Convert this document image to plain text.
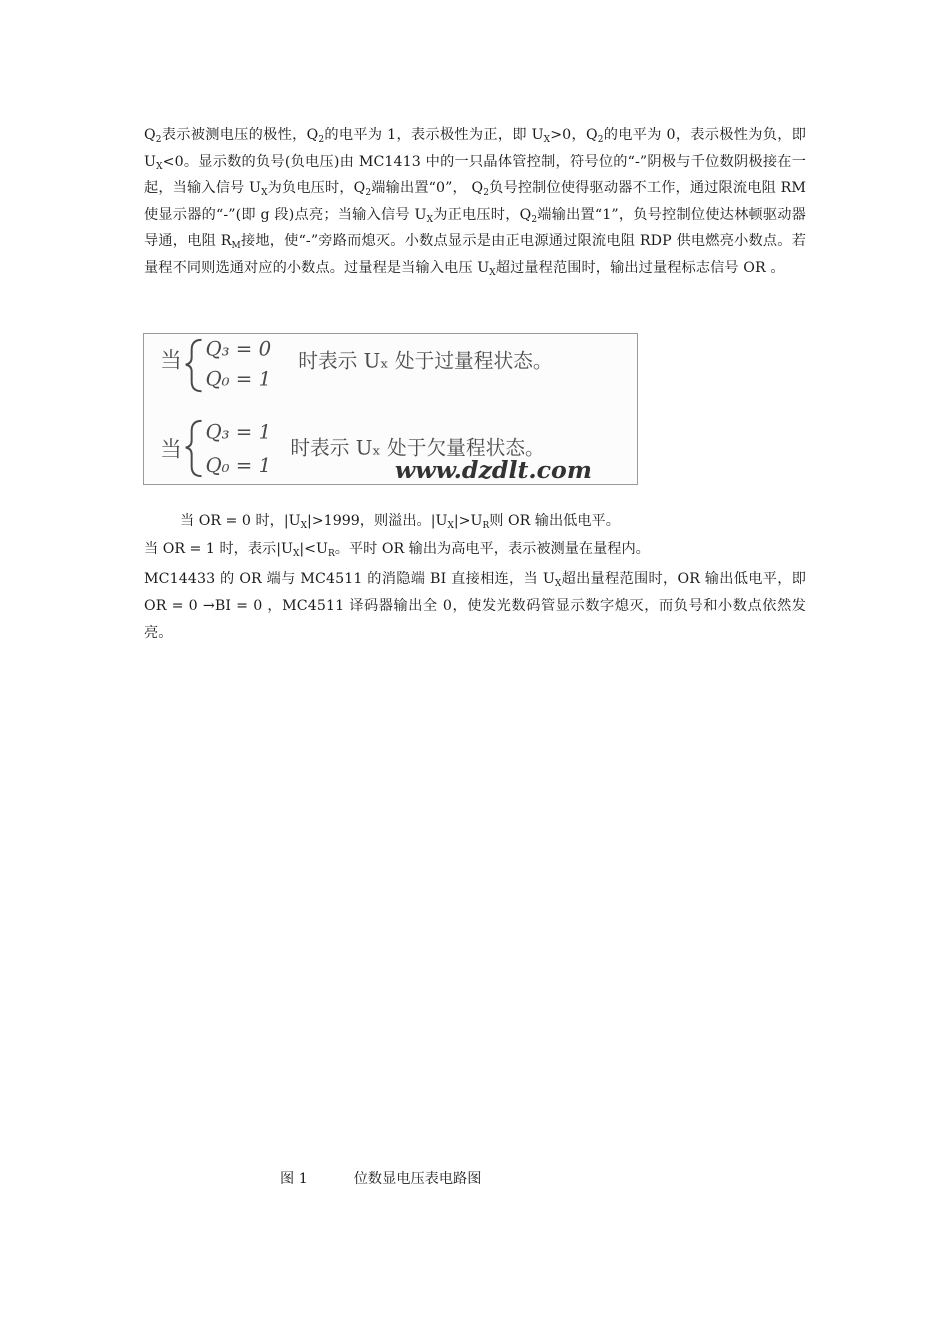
$Q_2$表示被测电压的极性，$Q_2$的电平为 1，表示极性为正，即 $U_X>0$，$Q_2$的电平为 0，表示极性为负，即 $U_X<0$。显示数的负号(负电压)由 MC1413 中的一只晶体管控制，符号位的“-”阴极与千位数阴极接在一起，当输入信号 $U_X$为负电压时，$Q_2$端输出置“0”， $Q_2$负号控制位使得驱动器不工作，通过限流电阻 RM 使显示器的“-”(即 g 段)点亮；当输入信号 $U_X$为正电压时，$Q_2$端输出置“1”，负号控制位使达林顿驱动器导通，电阻 $R_M$接地，使“-”旁路而熄灭。小数点显示是由正电源通过限流电阻 RDP 供电燃亮小数点。若量程不同则选通对应的小数点。过量程是当输入电压 $U_X$超过量程范围时，输出过量程标志信号 OR 。

当 Q₃ = 0
Q₀ = 1
时表示 Uₓ 处于过量程状态。
当
Q₃ = 1
Q₀ = 1
时表示 Uₓ 处于欠量程状态。
www.dzdlt.com

当 OR = 0 时，$|U_X|>1999$，则溢出。$|U_X|>U_R$则 OR 输出低电平。

当 OR = 1 时，表示$|U_X|<U_R$。平时 OR 输出为高电平，表示被测量在量程内。

MC14433 的 OR 端与 MC4511 的消隐端 BI 直接相连，当 $U_X$超出量程范围时，OR 输出低电平，即 OR = 0 →BI = 0 ，MC4511 译码器输出全 0，使发光数码管显示数字熄灭，而负号和小数点依然发亮。

图 1	位数显电压表电路图
